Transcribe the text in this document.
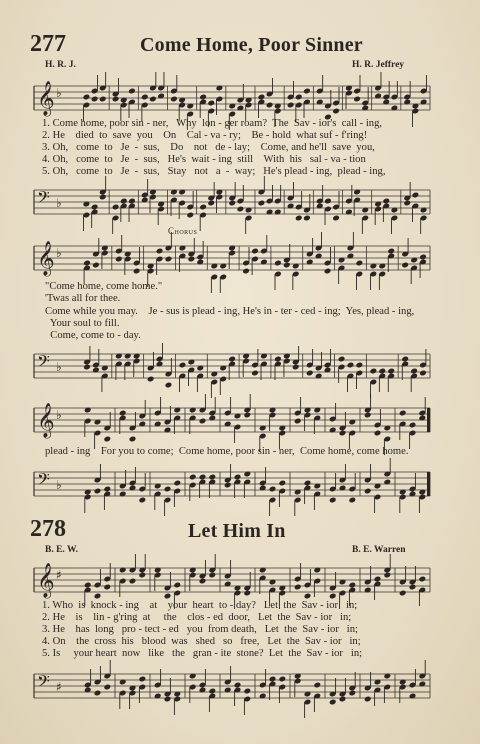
277	Come Home, Poor Sinner
H. R. J.	H. R. Jeffrey
𝄞 ♭
1. Come home, poor sin - ner,   Why  lon - ger roam?  The  Sav - ior's  call - ing,
2. He    died  to  save  you    On    Cal - va - ry;    Be - hold  what suf - f'ring!
3. Oh,   come  to   Je  -  sus,    Do    not   de - lay;    Come, and he'll  save  you,
4. Oh,   come  to   Je  -  sus,   He's  wait - ing  still    With  his   sal - va - tion
5. Oh,   come  to   Je  -  sus,   Stay   not   a  -  way;   He's plead - ing,  plead - ing,
𝄢 ♭
Chorus
𝄞 ♭
"Come home, come home."
'Twas all for thee.
Come while you may.    Je - sus is plead - ing, He's in - ter - ced - ing;  Yes, plead - ing,
Your soul to fill.
Come, come to - day.
𝄢 ♭
𝄞 ♭
plead - ing    For you to come;  Come home, poor sin - ner,  Come home, come home.
𝄢 ♭
278	Let Him In
B. E. W.	B. E. Warren
𝄞 ♯
1. Who  is  knock - ing    at    your  heart  to - day?   Let  the  Sav - ior   in;
2. He    is    lin - g'ring  at     the    clos - ed  door,   Let  the  Sav - ior   in;
3. He    has  long   pro - tect - ed   you  from death,   Let  the  Sav - ior   in;
4. On    the  cross  his   blood  was   shed   so   free,   Let  the  Sav - ior   in;
5. Is     your heart  now   like   the   gran - ite  stone?  Let  the  Sav - ior   in;
𝄢 ♯
